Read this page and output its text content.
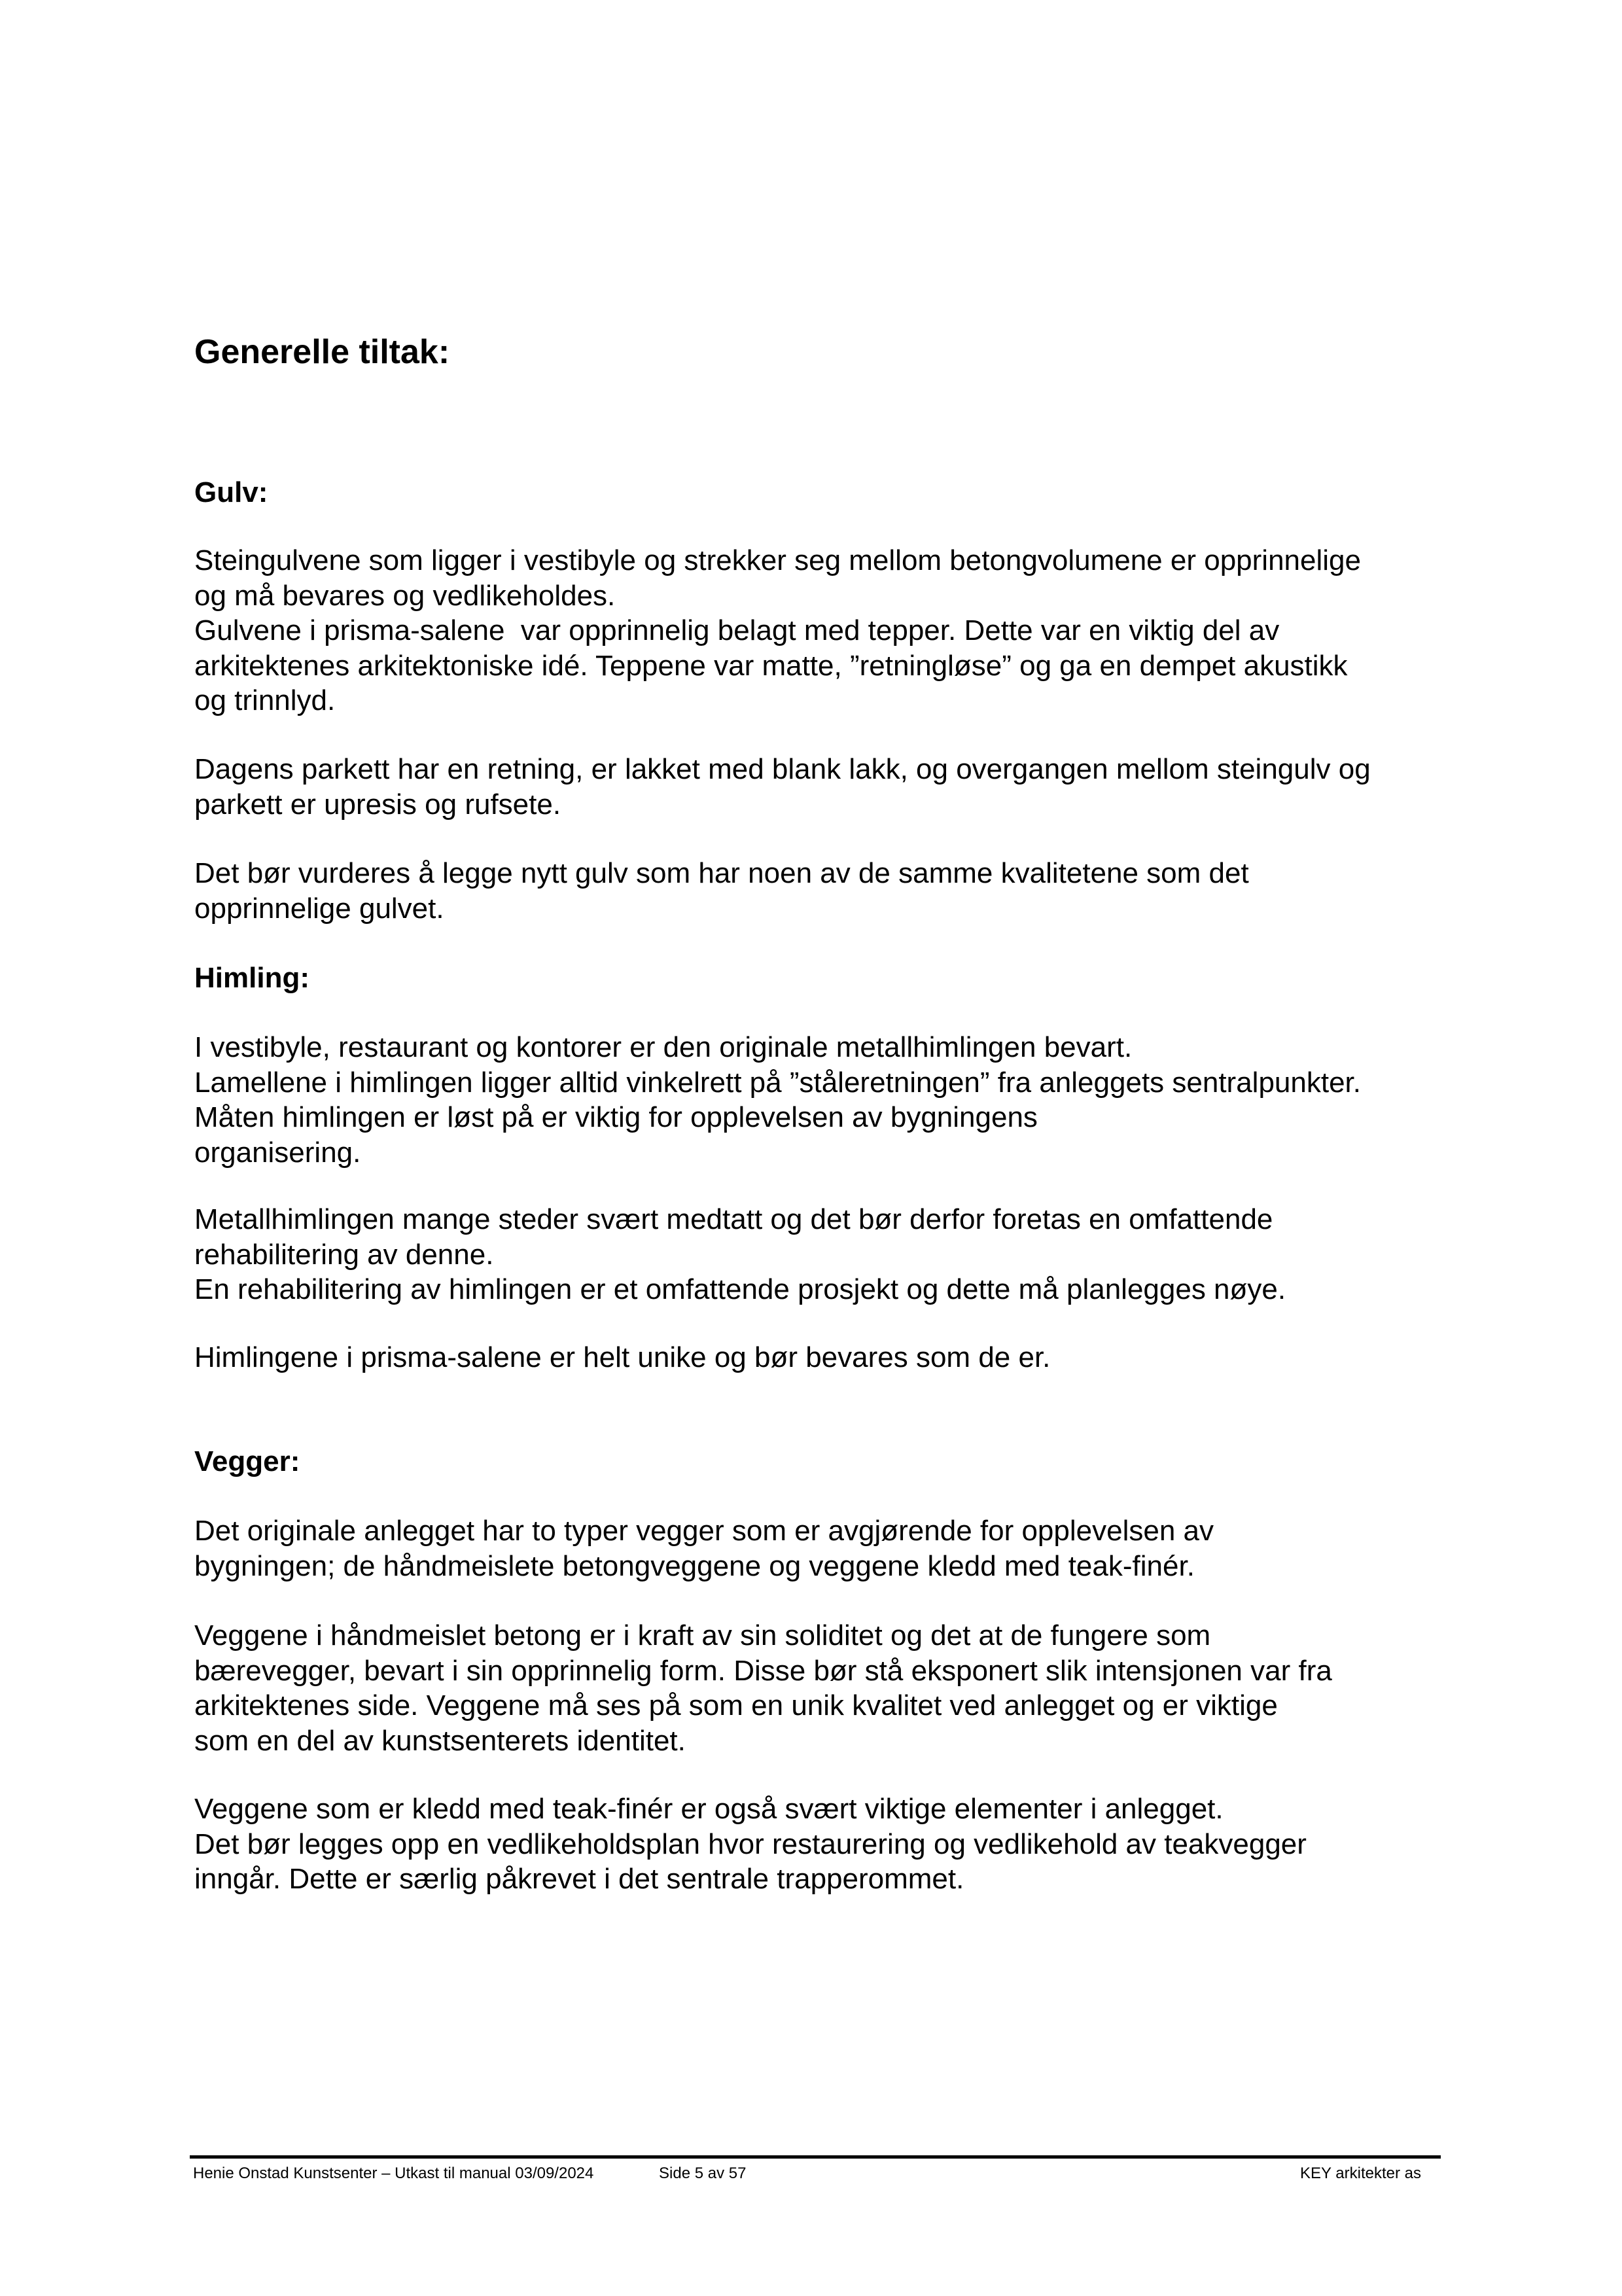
Generelle tiltak:
Gulv:
Steingulvene som ligger i vestibyle og strekker seg mellom betongvolumene er opprinnelige
og må bevares og vedlikeholdes.
Gulvene i prisma-salene  var opprinnelig belagt med tepper. Dette var en viktig del av
arkitektenes arkitektoniske idé. Teppene var matte, ”retningløse” og ga en dempet akustikk
og trinnlyd.
Dagens parkett har en retning, er lakket med blank lakk, og overgangen mellom steingulv og
parkett er upresis og rufsete.
Det bør vurderes å legge nytt gulv som har noen av de samme kvalitetene som det
opprinnelige gulvet.
Himling:
I vestibyle, restaurant og kontorer er den originale metallhimlingen bevart.
Lamellene i himlingen ligger alltid vinkelrett på ”ståleretningen” fra anleggets sentralpunkter.
Måten himlingen er løst på er viktig for opplevelsen av bygningens
organisering.
Metallhimlingen mange steder svært medtatt og det bør derfor foretas en omfattende
rehabilitering av denne.
En rehabilitering av himlingen er et omfattende prosjekt og dette må planlegges nøye.
Himlingene i prisma-salene er helt unike og bør bevares som de er.
Vegger:
Det originale anlegget har to typer vegger som er avgjørende for opplevelsen av
bygningen; de håndmeislete betongveggene og veggene kledd med teak-finér.
Veggene i håndmeislet betong er i kraft av sin soliditet og det at de fungere som
bærevegger, bevart i sin opprinnelig form. Disse bør stå eksponert slik intensjonen var fra
arkitektenes side. Veggene må ses på som en unik kvalitet ved anlegget og er viktige
som en del av kunstsenterets identitet.
Veggene som er kledd med teak-finér er også svært viktige elementer i anlegget.
Det bør legges opp en vedlikeholdsplan hvor restaurering og vedlikehold av teakvegger
inngår. Dette er særlig påkrevet i det sentrale trapperommet.
Henie Onstad Kunstsenter – Utkast til manual 03/09/2024	Side 5 av 57	KEY arkitekter as
